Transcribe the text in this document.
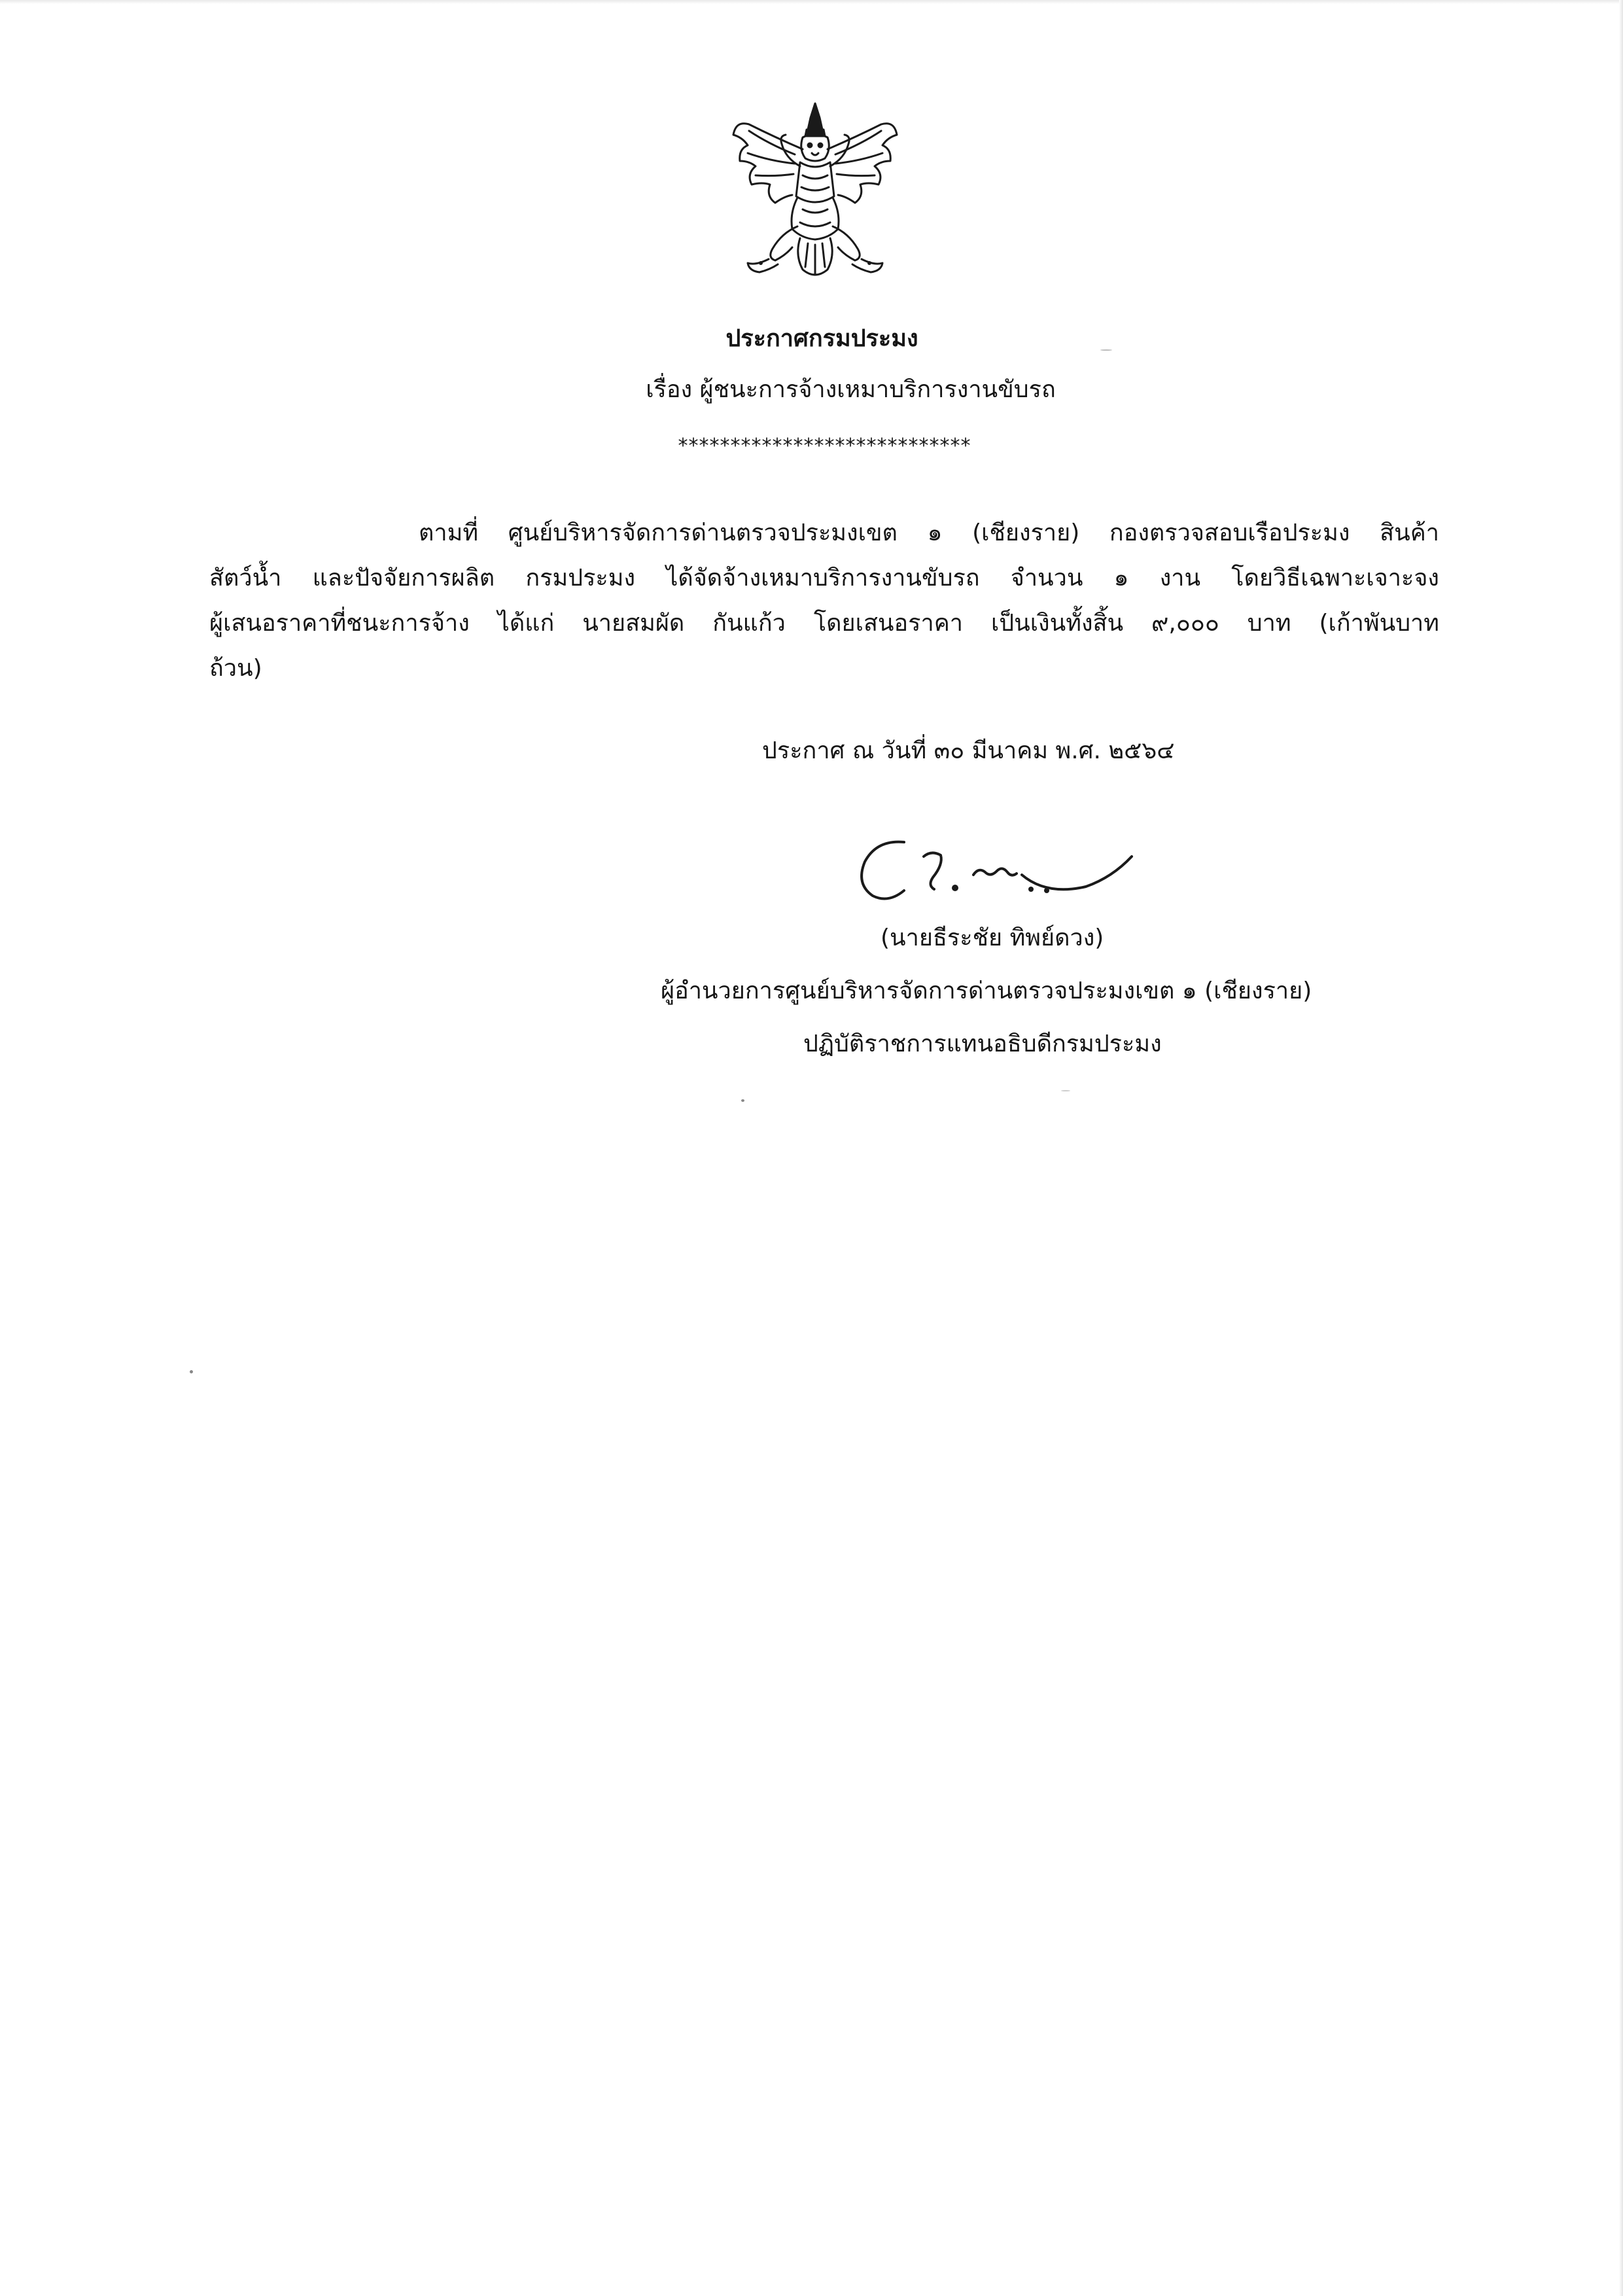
ประกาศกรมประมง
เรื่อง ผู้ชนะการจ้างเหมาบริการงานขับรถ
****************************
ตามที่ ศูนย์บริหารจัดการด่านตรวจประมงเขต ๑ (เชียงราย) กองตรวจสอบเรือประมง สินค้า
สัตว์น้ำ และปัจจัยการผลิต กรมประมง ได้จัดจ้างเหมาบริการงานขับรถ จำนวน ๑ งาน โดยวิธีเฉพาะเจาะจง
ผู้เสนอราคาที่ชนะการจ้าง ได้แก่ นายสมผัด กันแก้ว โดยเสนอราคา เป็นเงินทั้งสิ้น ๙,๐๐๐ บาท (เก้าพันบาท
ถ้วน)
ประกาศ ณ วันที่ ๓๐ มีนาคม พ.ศ. ๒๕๖๔
(นายธีระชัย ทิพย์ดวง)
ผู้อำนวยการศูนย์บริหารจัดการด่านตรวจประมงเขต ๑ (เชียงราย)
ปฏิบัติราชการแทนอธิบดีกรมประมง
